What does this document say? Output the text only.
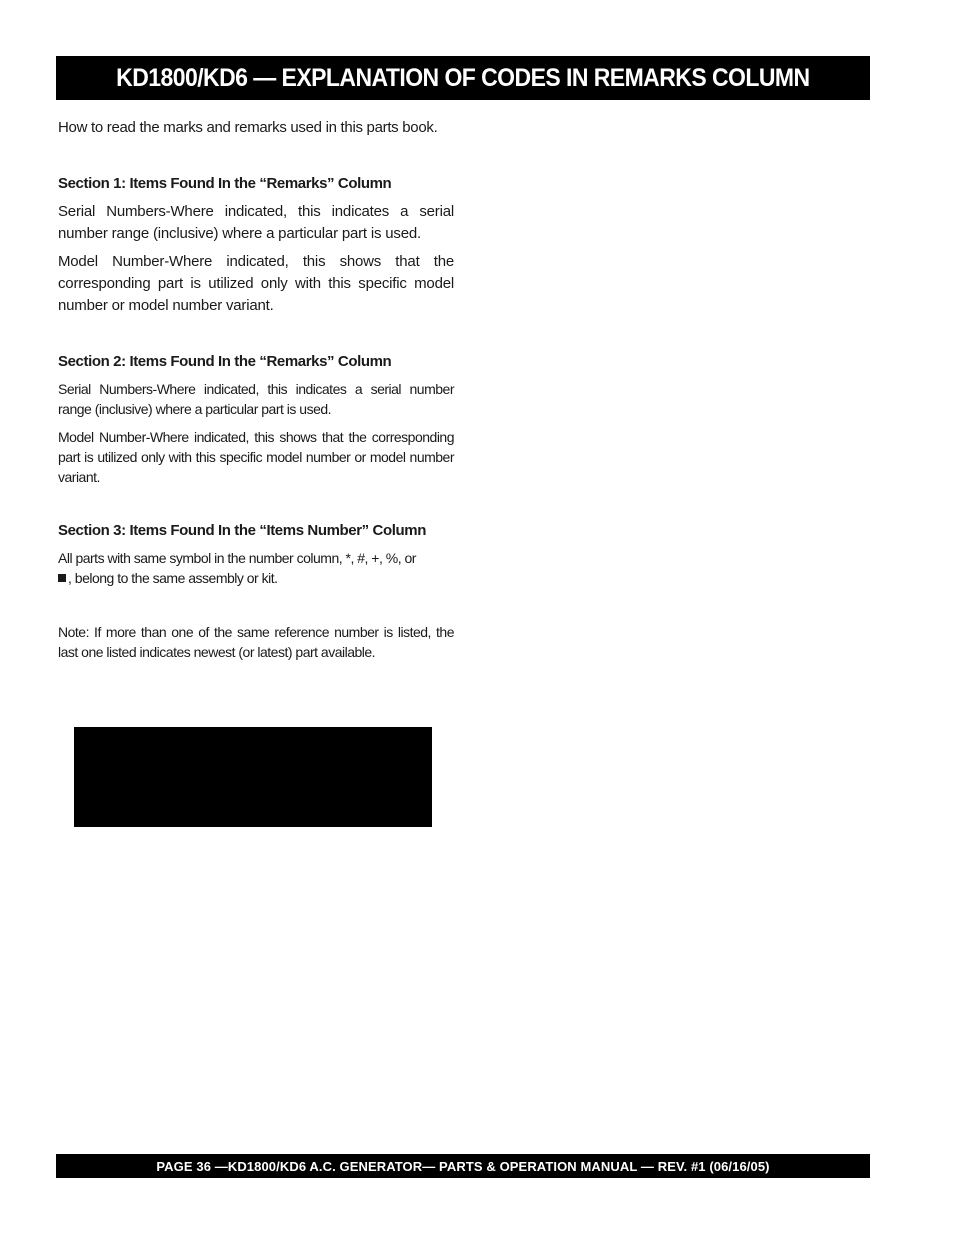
KD1800/KD6 — EXPLANATION OF CODES IN REMARKS COLUMN

How to read the marks and remarks used in this parts book.

Section 1: Items Found In the “Remarks” Column

Serial Numbers-Where indicated, this indicates a serial number range (inclusive) where a particular part is used.

Model Number-Where indicated, this shows that the corresponding part is utilized only with this specific model number or model number variant.

Section 2: Items Found In the “Remarks” Column

Serial Numbers-Where indicated, this indicates a serial number range (inclusive) where a particular part is used.

Model Number-Where indicated, this shows that the corresponding part is utilized only with this specific model number or model number variant.

Section 3: Items Found In the “Items Number” Column

All parts with same symbol in the number column, *, #, +, %, or
, belong to the same assembly or kit.

Note: If more than one of the same reference number is listed, the last one listed indicates newest (or latest) part available.

PAGE 36 —KD1800/KD6 A.C. GENERATOR— PARTS & OPERATION MANUAL — REV. #1 (06/16/05)
